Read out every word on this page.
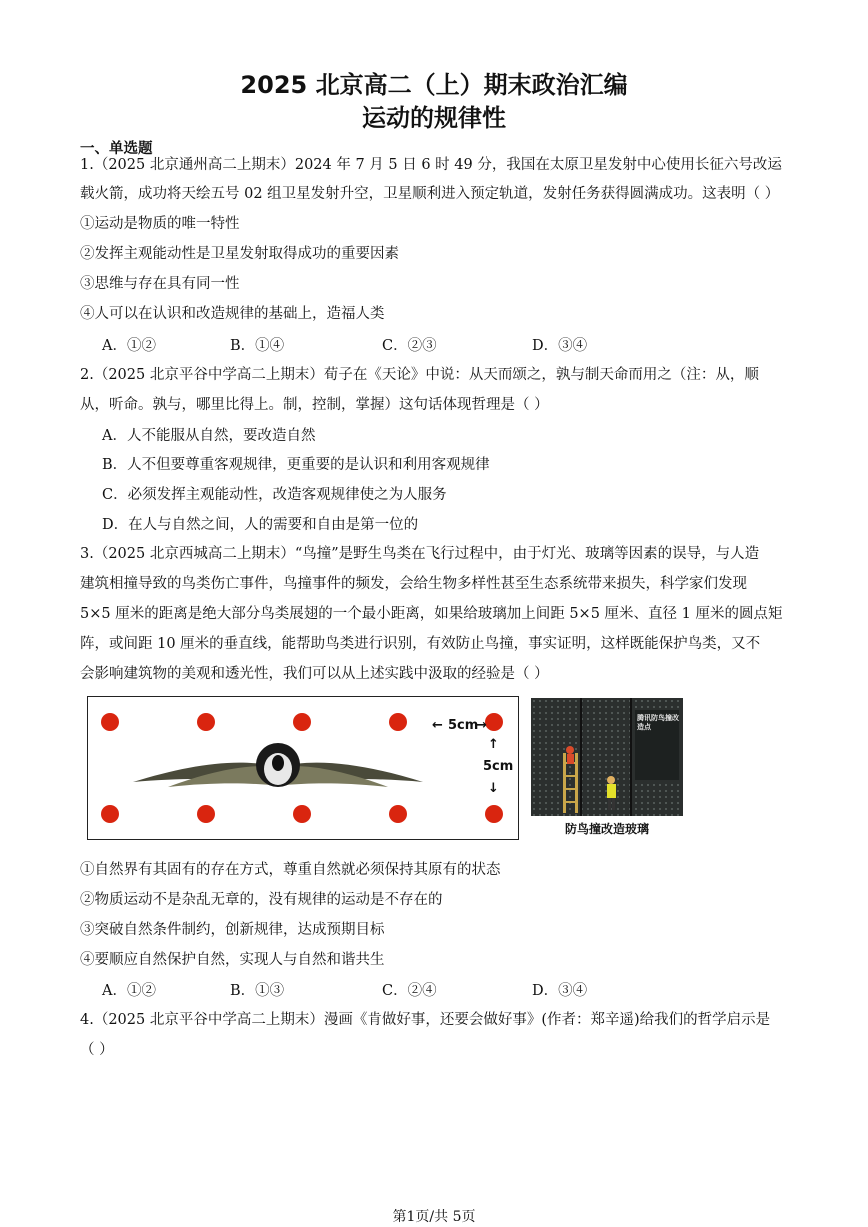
2025 北京高二（上）期末政治汇编
运动的规律性
一、单选题
1.（2025 北京通州高二上期末）2024 年 7 月 5 日 6 时 49 分，我国在太原卫星发射中心使用长征六号改运
载火箭，成功将天绘五号 02 组卫星发射升空，卫星顺利进入预定轨道，发射任务获得圆满成功。这表明（ ）
①运动是物质的唯一特性
②发挥主观能动性是卫星发射取得成功的重要因素
③思维与存在具有同一性
④人可以在认识和改造规律的基础上，造福人类
A．①②	B．①④	C．②③	D．③④
2.（2025 北京平谷中学高二上期末）荀子在《天论》中说：从天而颂之，孰与制天命而用之（注：从，顺
从，听命。孰与，哪里比得上。制，控制，掌握）这句话体现哲理是（ ）
A．人不能服从自然，要改造自然
B．人不但要尊重客观规律，更重要的是认识和利用客观规律
C．必须发挥主观能动性，改造客观规律使之为人服务
D．在人与自然之间，人的需要和自由是第一位的
3.（2025 北京西城高二上期末）“鸟撞”是野生鸟类在飞行过程中，由于灯光、玻璃等因素的误导，与人造
建筑相撞导致的鸟类伤亡事件，鸟撞事件的频发，会给生物多样性甚至生态系统带来损失，科学家们发现
5×5 厘米的距离是绝大部分鸟类展翅的一个最小距离，如果给玻璃加上间距 5×5 厘米、直径 1 厘米的圆点矩
阵，或间距 10 厘米的垂直线，能帮助鸟类进行识别，有效防止鸟撞，事实证明，这样既能保护鸟类，又不
会影响建筑物的美观和透光性，我们可以从上述实践中汲取的经验是（ ）
← 5cm
→
↑
5cm
↓
腾讯防鸟撞改造点
防鸟撞改造玻璃
①自然界有其固有的存在方式，尊重自然就必须保持其原有的状态
②物质运动不是杂乱无章的，没有规律的运动是不存在的
③突破自然条件制约，创新规律，达成预期目标
④要顺应自然保护自然，实现人与自然和谐共生
A．①②	B．①③	C．②④	D．③④
4.（2025 北京平谷中学高二上期末）漫画《肯做好事，还要会做好事》(作者：郑辛遥)给我们的哲学启示是
（ ）
第1页/共 5页
